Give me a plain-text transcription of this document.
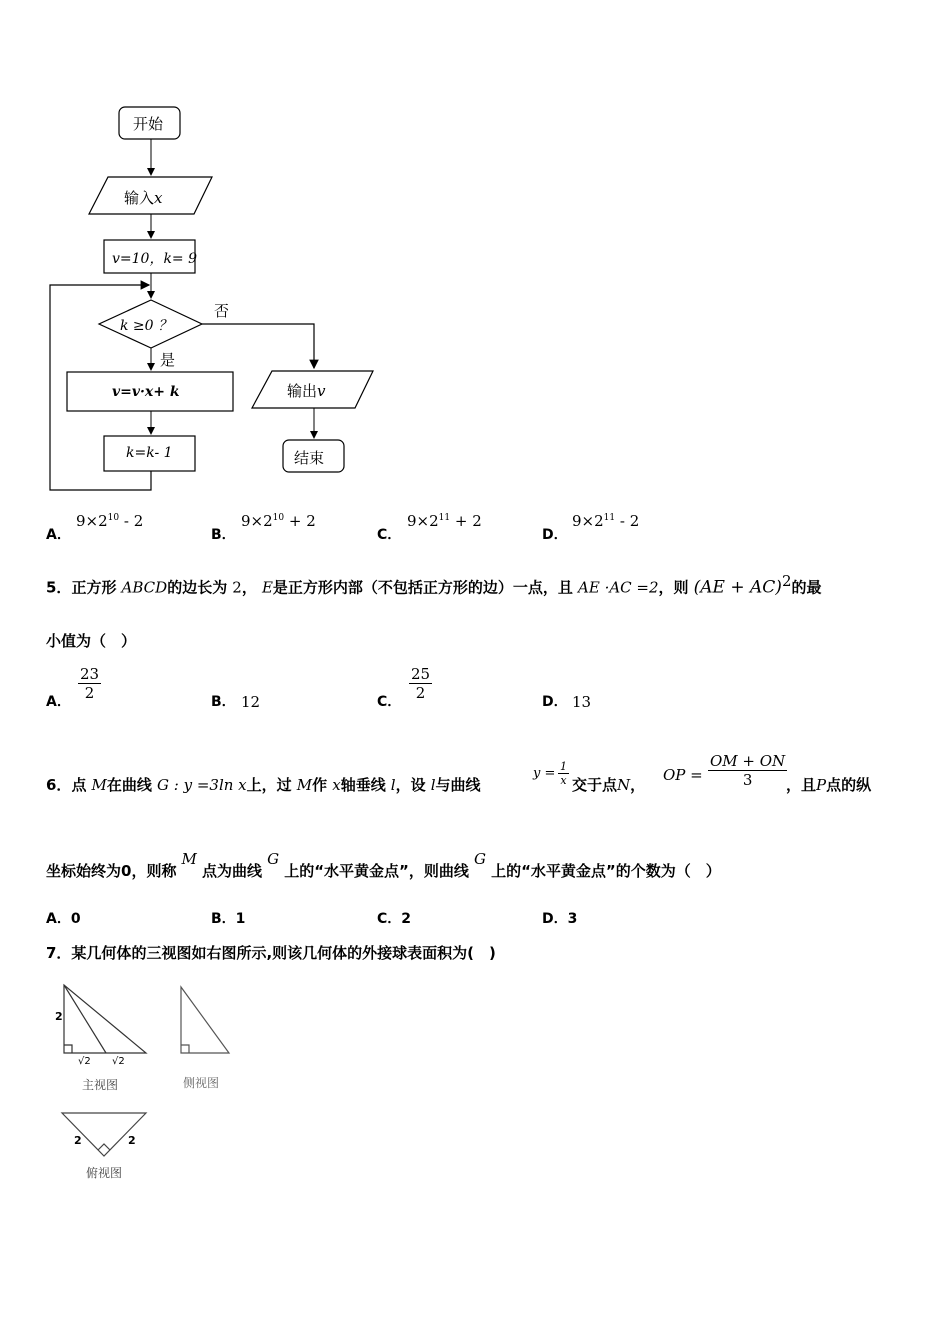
开始
输入x
v=10，k= 9
k ≥0 ？
否
是
v=v·x+ k
k=k- 1
输出v
结束
A．
$9\times 2^{10} - 2$
B．
$9\times 2^{10} + 2$
C．
$9\times 2^{11} + 2$
D．
$9\times 2^{11} - 2$
5．正方形 ABCD的边长为 2， E是正方形内部（不包括正方形的边）一点，且 AE ·AC =2，则 (AE + AC)$^2$的最
小值为（　）
A． $\frac{23}{2}$	B． 12	C． $\frac{25}{2}$	D． 13
6．点 M在曲线 G : y =3ln x上，过 M作 x轴垂线 l，设 l与曲线
$y = \frac{1}{x}$ 交于点N，
OP = $\frac{OM + ON}{3}$
，且P点的纵
坐标始终为0，则称 M 点为曲线 G 上的“水平黄金点”，则曲线 G 上的“水平黄金点”的个数为（　）
A．0	B．1	C．2	D．3
7．某几何体的三视图如右图所示,则该几何体的外接球表面积为(　)
2
√2 √2
主视图	侧视图
2	2
俯视图
